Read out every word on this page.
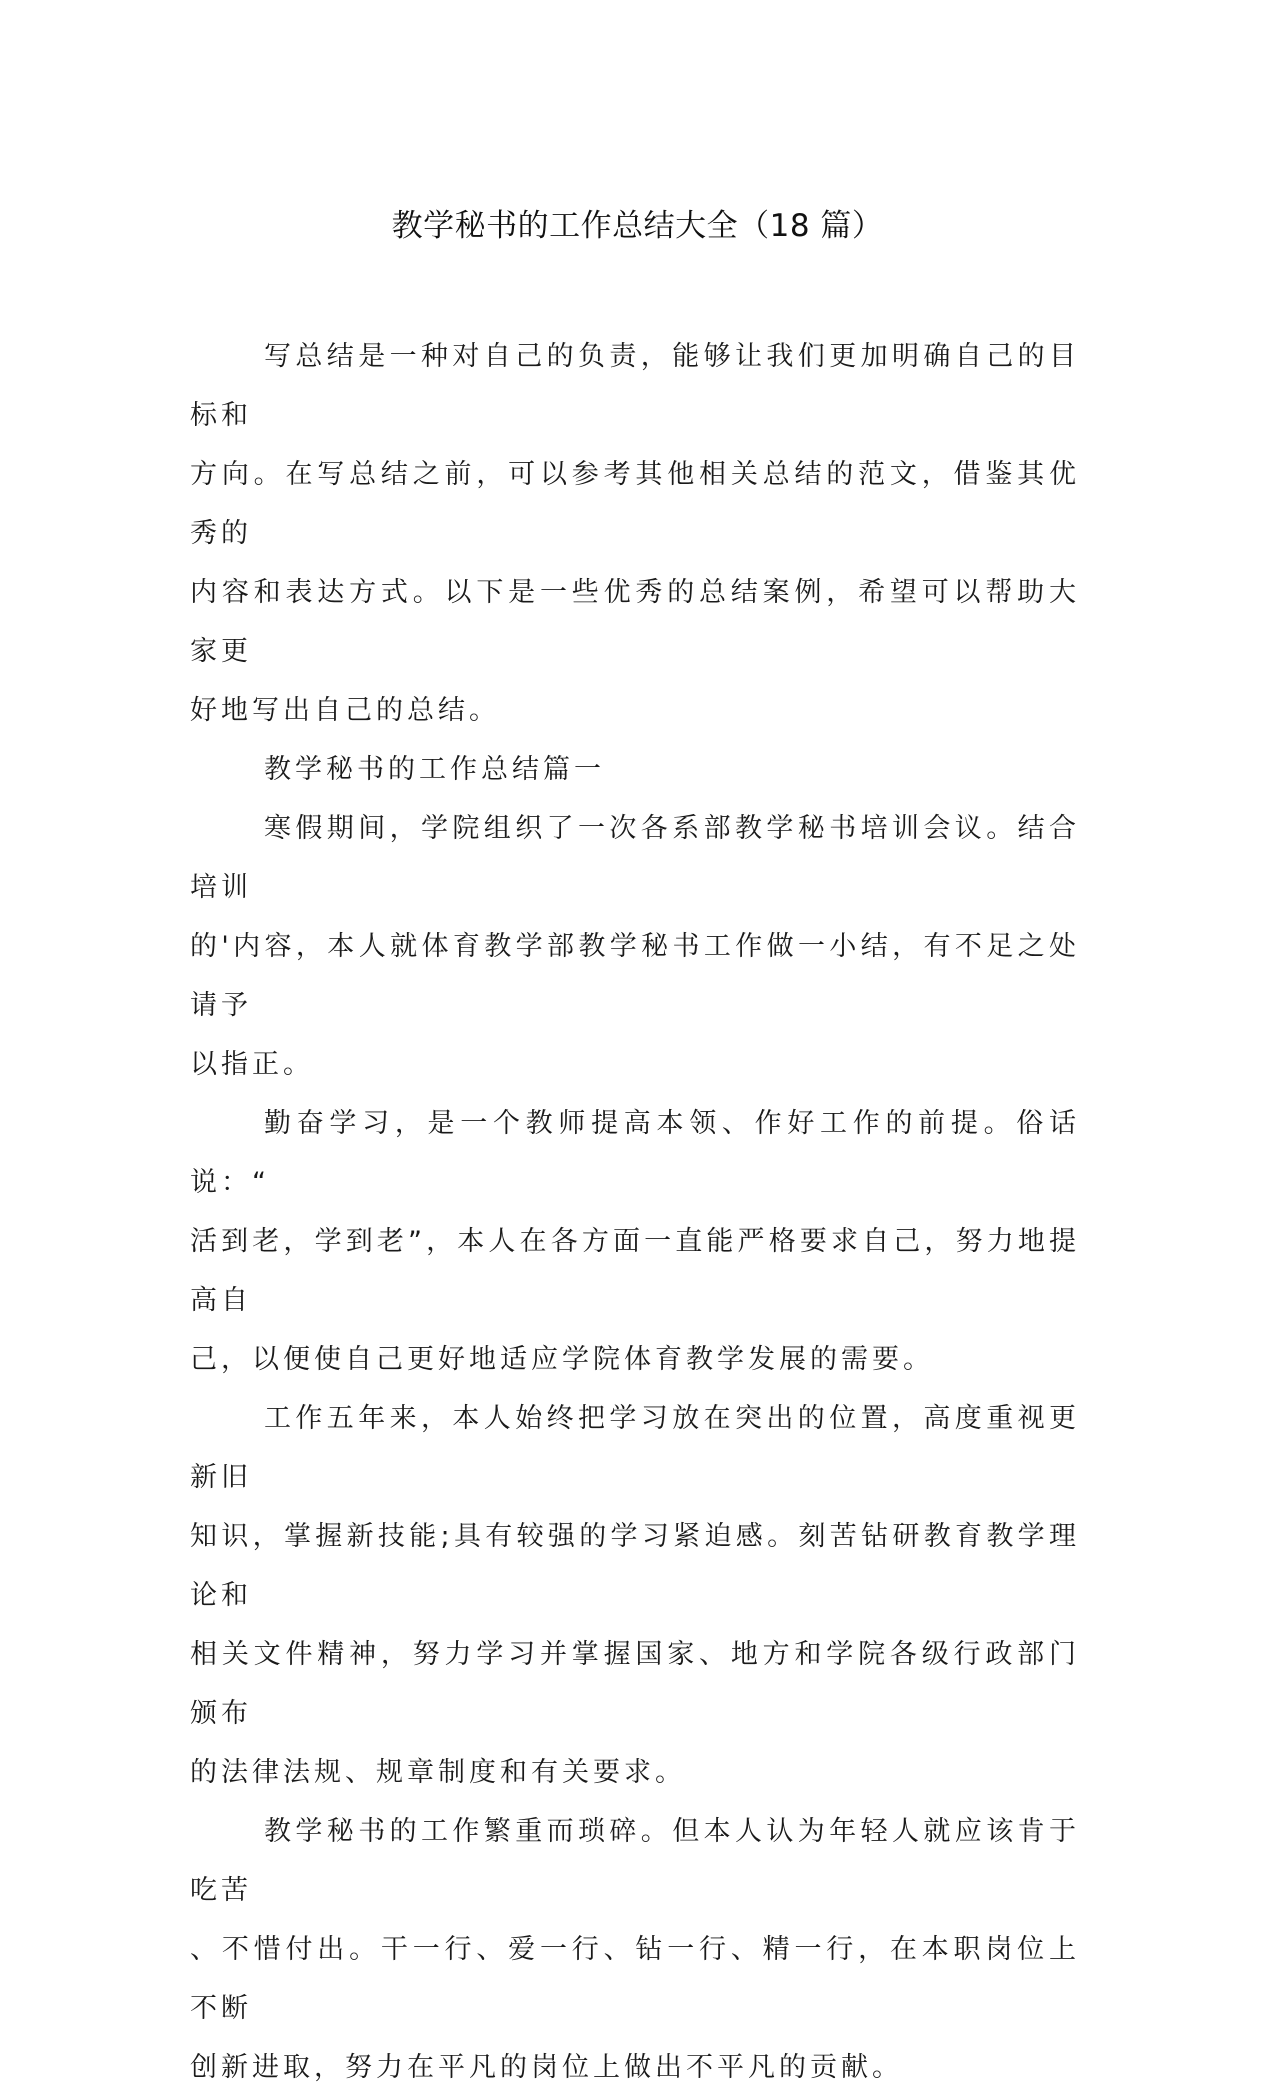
教学秘书的工作总结大全（18 篇）

写总结是一种对自己的负责，能够让我们更加明确自己的目标和
方向。在写总结之前，可以参考其他相关总结的范文，借鉴其优秀的
内容和表达方式。以下是一些优秀的总结案例，希望可以帮助大家更
好地写出自己的总结。

教学秘书的工作总结篇一

寒假期间，学院组织了一次各系部教学秘书培训会议。结合培训
的'内容，本人就体育教学部教学秘书工作做一小结，有不足之处请予
以指正。

勤奋学习，是一个教师提高本领、作好工作的前提。俗话说：“
活到老，学到老”，本人在各方面一直能严格要求自己，努力地提高自
己，以便使自己更好地适应学院体育教学发展的需要。

工作五年来，本人始终把学习放在突出的位置，高度重视更新旧
知识，掌握新技能;具有较强的学习紧迫感。刻苦钻研教育教学理论和
相关文件精神，努力学习并掌握国家、地方和学院各级行政部门颁布
的法律法规、规章制度和有关要求。

教学秘书的工作繁重而琐碎。但本人认为年轻人就应该肯于吃苦
、不惜付出。干一行、爱一行、钻一行、精一行，在本职岗位上不断
创新进取，努力在平凡的岗位上做出不平凡的贡献。
